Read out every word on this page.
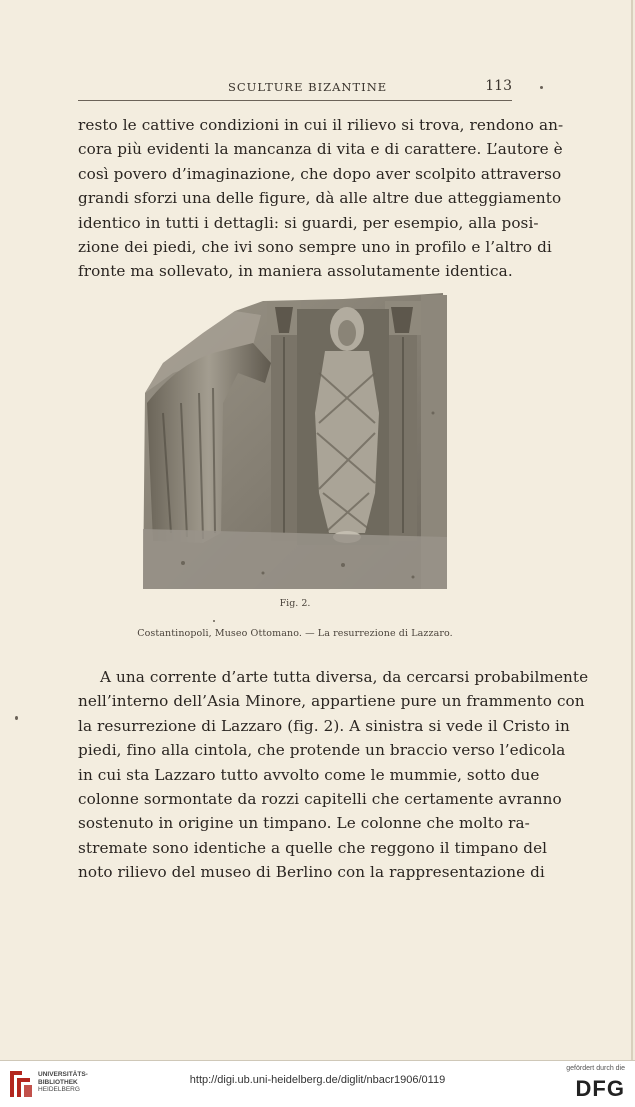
SCULTURE BIZANTINE	113
resto le cattive condizioni in cui il rilievo si trova, rendono an-
cora più evidenti la mancanza di vita e di carattere. L’autore è
così povero d’imaginazione, che dopo aver scolpito attraverso
grandi sforzi una delle figure, dà alle altre due atteggiamento
identico in tutti i dettagli: si guardi, per esempio, alla posi-
zione dei piedi, che ivi sono sempre uno in profilo e l’altro di
fronte ma sollevato, in maniera assolutamente identica.
Fig. 2.
Costantinopoli, Museo Ottomano. — La resurrezione di Lazzaro.
A una corrente d’arte tutta diversa, da cercarsi probabilmente
nell’interno dell’Asia Minore, appartiene pure un frammento con
la resurrezione di Lazzaro (fig. 2). A sinistra si vede il Cristo in
piedi, fino alla cintola, che protende un braccio verso l’edicola
in cui sta Lazzaro tutto avvolto come le mummie, sotto due
colonne sormontate da rozzi capitelli che certamente avranno
sostenuto in origine un timpano. Le colonne che molto ra-
stremate sono identiche a quelle che reggono il timpano del
noto rilievo del museo di Berlino con la rappresentazione di
UNIVERSITÄTS-
BIBLIOTHEK
HEIDELBERG
http://digi.ub.uni-heidelberg.de/diglit/nbacr1906/0119
gefördert durch die
DFG
